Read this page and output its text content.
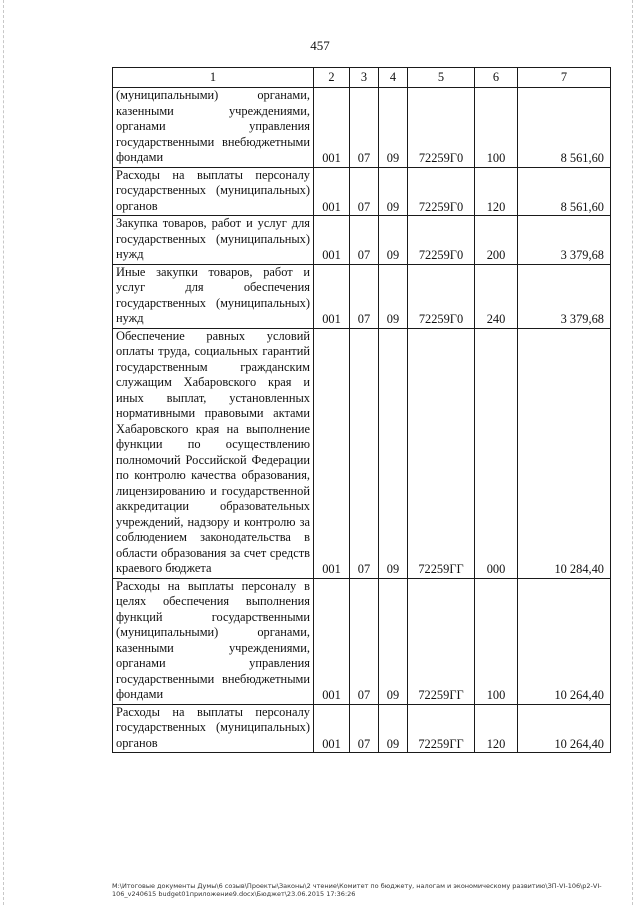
457
1	2	3	4	5	6	7
(муниципальными) органами, казенными учреждениями, органами управления государственными внебюджетными фондами	001	07	09	72259Г0	100	8 561,60
Расходы на выплаты персоналу государственных (муниципальных) органов	001	07	09	72259Г0	120	8 561,60
Закупка товаров, работ и услуг для государственных (муниципальных) нужд	001	07	09	72259Г0	200	3 379,68
Иные закупки товаров, работ и услуг для обеспечения государственных (муниципальных) нужд	001	07	09	72259Г0	240	3 379,68
Обеспечение равных условий оплаты труда, социальных гарантий государственным гражданским служащим Хабаровского края и иных выплат, установленных нормативными правовыми актами Хабаровского края на выполнение функции по осуществлению полномочий Российской Федерации по контролю качества образования, лицензированию и государственной аккредитации образовательных учреждений, надзору и контролю за соблюдением законодательства в области образования за счет средств краевого бюджета	001	07	09	72259ГГ	000	10 284,40
Расходы на выплаты персоналу в целях обеспечения выполнения функций государственными (муниципальными) органами, казенными учреждениями, органами управления государственными внебюджетными фондами	001	07	09	72259ГГ	100	10 264,40
Расходы на выплаты персоналу государственных (муниципальных) органов	001	07	09	72259ГГ	120	10 264,40
М:\Итоговые документы Думы\6 созыв\Проекты\Законы\2 чтение\Комитет по бюджету, налогам и экономическому развитию\ЗП-VI-106\р2-VI-106_v240615 budget01приложение9.docx\Бюджет\23.06.2015 17:36:26
